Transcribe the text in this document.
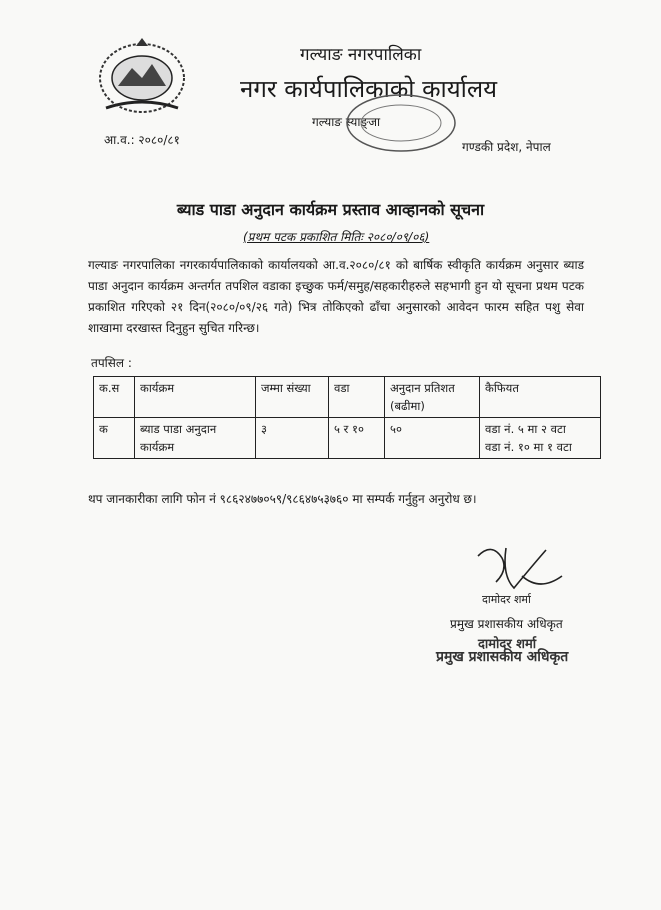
गल्याङ नगरपालिका
नगर कार्यपालिकाको कार्यालय
गल्याङ स्याङ्जा
आ.व.: २०८०/८१	गण्डकी प्रदेश, नेपाल
ब्याड पाडा अनुदान कार्यक्रम प्रस्ताव आव्हानको सूचना
(प्रथम पटक प्रकाशित मितिः २०८०/०९/०६)
गल्याङ नगरपालिका नगरकार्यपालिकाको कार्यालयको आ.व.२०८०/८१ को बार्षिक स्वीकृति कार्यक्रम अनुसार ब्याड पाडा अनुदान कार्यक्रम अन्तर्गत तपशिल वडाका इच्छुक फर्म/समुह/सहकारीहरुले सहभागी हुन यो सूचना प्रथम पटक प्रकाशित गरिएको २१ दिन(२०८०/०९/२६ गते) भित्र तोकिएको ढाँचा अनुसारको आवेदन फारम सहित पशु सेवा शाखामा दरखास्त दिनुहुन सुचित गरिन्छ।
तपसिल :
क.स	कार्यक्रम	जम्मा संख्या	वडा	अनुदान प्रतिशत (बढीमा)	कैफियत
क	ब्याड पाडा अनुदान कार्यक्रम	३	५ र १०	५०	वडा नं. ५ मा २ वटा
वडा नं. १० मा १ वटा
थप जानकारीका लागि फोन नं ९८६२४७७०५९/९८६४७५३७६० मा सम्पर्क गर्नुहुन अनुरोध छ।
दामोदर शर्मा
प्रमुख प्रशासकीय अधिकृत
दामोदर शर्मा
प्रमुख प्रशासकीय अधिकृत
